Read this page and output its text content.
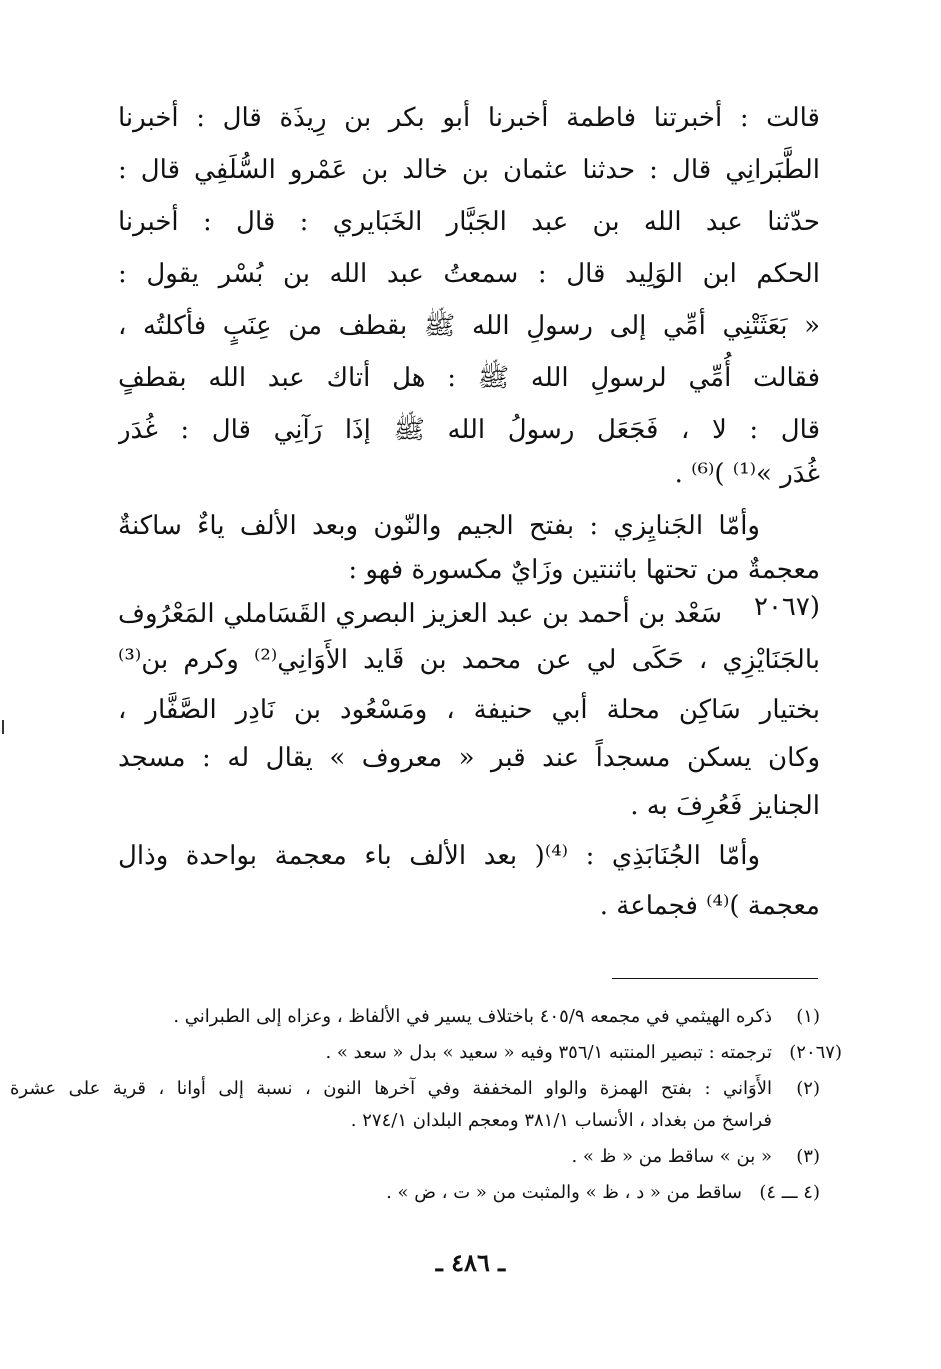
قالت : أخبرتنا فاطمة أخبرنا أبو بكر بن رِيذَة قال : أخبرنا
الطَّبَرانِي قال : حدثنا عثمان بن خالد بن عَمْرو السُّلَفِي قال :
حدّثنا عبد الله بن عبد الجَبَّار الخَبَايري : قال : أخبرنا
الحكم ابن الوَلِيد قال : سمعتُ عبد الله بن بُسْر يقول :
« بَعَثَتْنِي أمِّي إلى رسولِ الله ﷺ بقطف من عِنَبٍ فأكلتُه ،
فقالت أُمِّي لرسولِ الله ﷺ : هل أتاك عبد الله بقطفٍ
قال : لا ، فَجَعَل رسولُ الله ﷺ إذَا رَآنِي قال : غُدَر
غُدَر »⁽¹⁾ )⁽⁶⁾ .
وأمّا الجَنايِزي : بفتح الجيم والنّون وبعد الألف ياءٌ ساكنةٌ
معجمةٌ من تحتها باثنتين وزَايٌ مكسورة فهو :
(٢٠٦٧
سَعْد بن أحمد بن عبد العزيز البصري القَسَاملي المَعْرُوف
بالجَنَايْزِي ، حَكَى لي عن محمد بن قَايد الأَوَانِي⁽²⁾ وكرم بن⁽³⁾
بختيار سَاكِن محلة أبي حنيفة ، ومَسْعُود بن نَادِر الصَّفَّار ،
وكان يسكن مسجداً عند قبر « معروف » يقال له : مسجد
الجنايز فَعُرِفَ به .
وأمّا الجُنَابَذِي : ⁽⁴⁾( بعد الألف باء معجمة بواحدة وذال
معجمة )⁽⁴⁾ فجماعة .
(١)
ذكره الهيثمي في مجمعه ٤٠٥/٩ باختلاف يسير في الألفاظ ، وعزاه إلى الطبراني .
(٢٠٦٧)
ترجمته : تبصير المنتبه ٣٥٦/١ وفيه « سعيد » بدل « سعد » .
(٢)
الأَوَاني : بفتح الهمزة والواو المخففة وفي آخرها النون ، نسبة إلى أوانا ، قرية على عشرة
فراسخ من بغداد ، الأنساب ٣٨١/١ ومعجم البلدان ٢٧٤/١ .
(٣)
« بن » ساقط من « ظ » .
(٤ ـــ ٤)
ساقط من « د ، ظ » والمثبت من « ت ، ض » .
ـ ٤٨٦ ـ
